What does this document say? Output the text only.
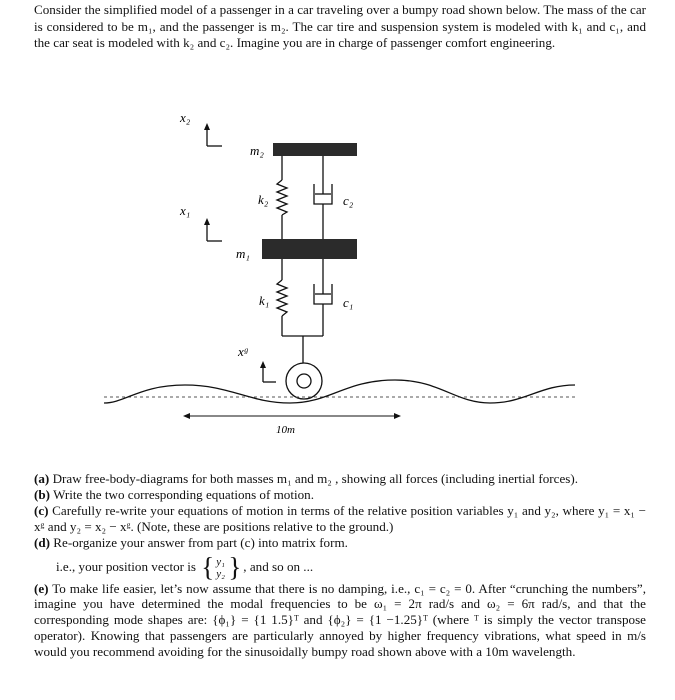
Consider the simplified model of a passenger in a car traveling over a bumpy road shown below. The mass of the car is considered to be m₁, and the passenger is m₂. The car tire and suspension system is modeled with k₁ and c₁, and the car seat is modeled with k₂ and c₂. Imagine you are in charge of passenger comfort engineering.

x₂
x₁
xᵍ
m₂
m₁
k₂	c₂
k₁	c₁
10m

(a) Draw free-body-diagrams for both masses m₁ and m₂ , showing all forces (including inertial forces).

(b) Write the two corresponding equations of motion.

(c) Carefully re-write your equations of motion in terms of the relative position variables y₁ and y₂, where y₁ = x₁ − xᵍ and y₂ = x₂ − xᵍ. (Note, these are positions relative to the ground.)

(d) Re-organize your answer from part (c) into matrix form.

i.e., your position vector is { y₁
y₂ } , and so on ...

(e) To make life easier, let’s now assume that there is no damping, i.e., c₁ = c₂ = 0. After “crunching the numbers”, imagine you have determined the modal frequencies to be ω₁ = 2π rad/s and ω₂ = 6π rad/s, and that the corresponding mode shapes are: {ϕ₁} = {1 1.5}ᵀ and {ϕ₂} = {1 −1.25}ᵀ (where ᵀ is simply the vector transpose operator). Knowing that passengers are particularly annoyed by higher frequency vibrations, what speed in m/s would you recommend avoiding for the sinusoidally bumpy road shown above with a 10m wavelength.
